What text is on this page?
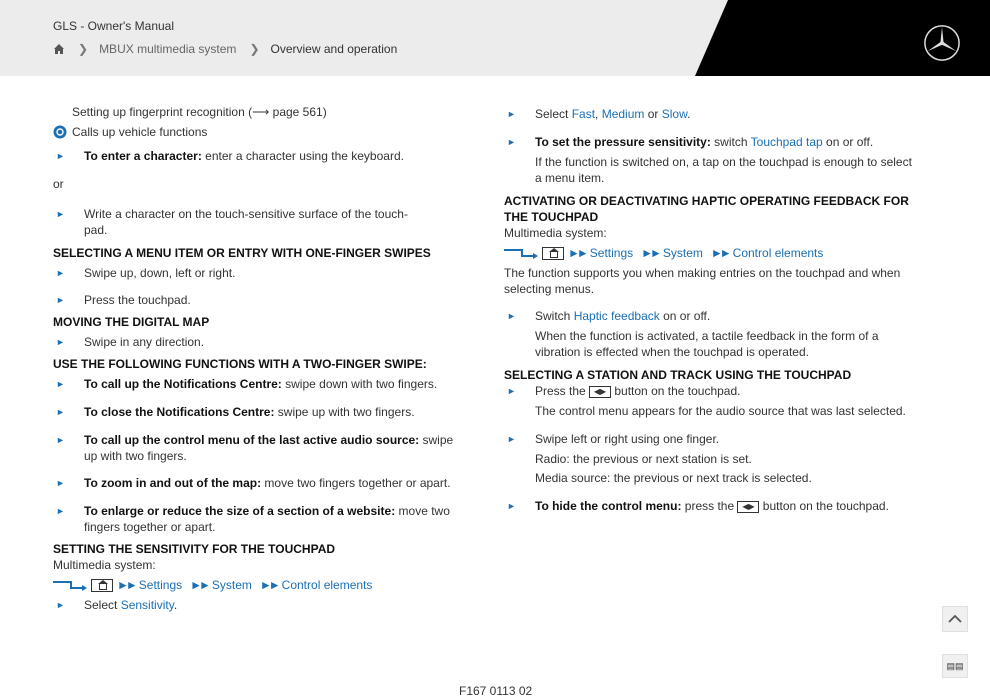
GLS - Owner's Manual
❯ MBUX multimedia system ❯ Overview and operation

Setting up fingerprint recognition (⟶ page 561)

Calls up vehicle functions

► To enter a character: enter a character using the keyboard.

or

► Write a character on the touch-sensitive surface of the touch-pad.

SELECTING A MENU ITEM OR ENTRY WITH ONE-FINGER SWIPES

► Swipe up, down, left or right.
► Press the touchpad.

MOVING THE DIGITAL MAP

► Swipe in any direction.

USE THE FOLLOWING FUNCTIONS WITH A TWO-FINGER SWIPE:

► To call up the Notifications Centre: swipe down with two fingers.
► To close the Notifications Centre: swipe up with two fingers.
► To call up the control menu of the last active audio source: swipe up with two fingers.
► To zoom in and out of the map: move two fingers together or apart.
► To enlarge or reduce the size of a section of a website: move two fingers together or apart.

SETTING THE SENSITIVITY FOR THE TOUCHPAD

Multimedia system:

►► Settings ►► System ►► Control elements
► Select Sensitivity.
► Select Fast, Medium or Slow.
► To set the pressure sensitivity: switch Touchpad tap on or off.
If the function is switched on, a tap on the touchpad is enough to select a menu item.

ACTIVATING OR DEACTIVATING HAPTIC OPERATING FEEDBACK FOR THE TOUCHPAD

Multimedia system:

►► Settings ►► System ►► Control elements

The function supports you when making entries on the touchpad and when selecting menus.

► Switch Haptic feedback on or off.
When the function is activated, a tactile feedback in the form of a vibration is effected when the touchpad is operated.

SELECTING A STATION AND TRACK USING THE TOUCHPAD

► Press the ◀▶ button on the touchpad.
The control menu appears for the audio source that was last selected.
► Swipe left or right using one finger.
Radio: the previous or next station is set.
Media source: the previous or next track is selected.
► To hide the control menu: press the ◀▶ button on the touchpad.
▤▤
F167 0113 02
